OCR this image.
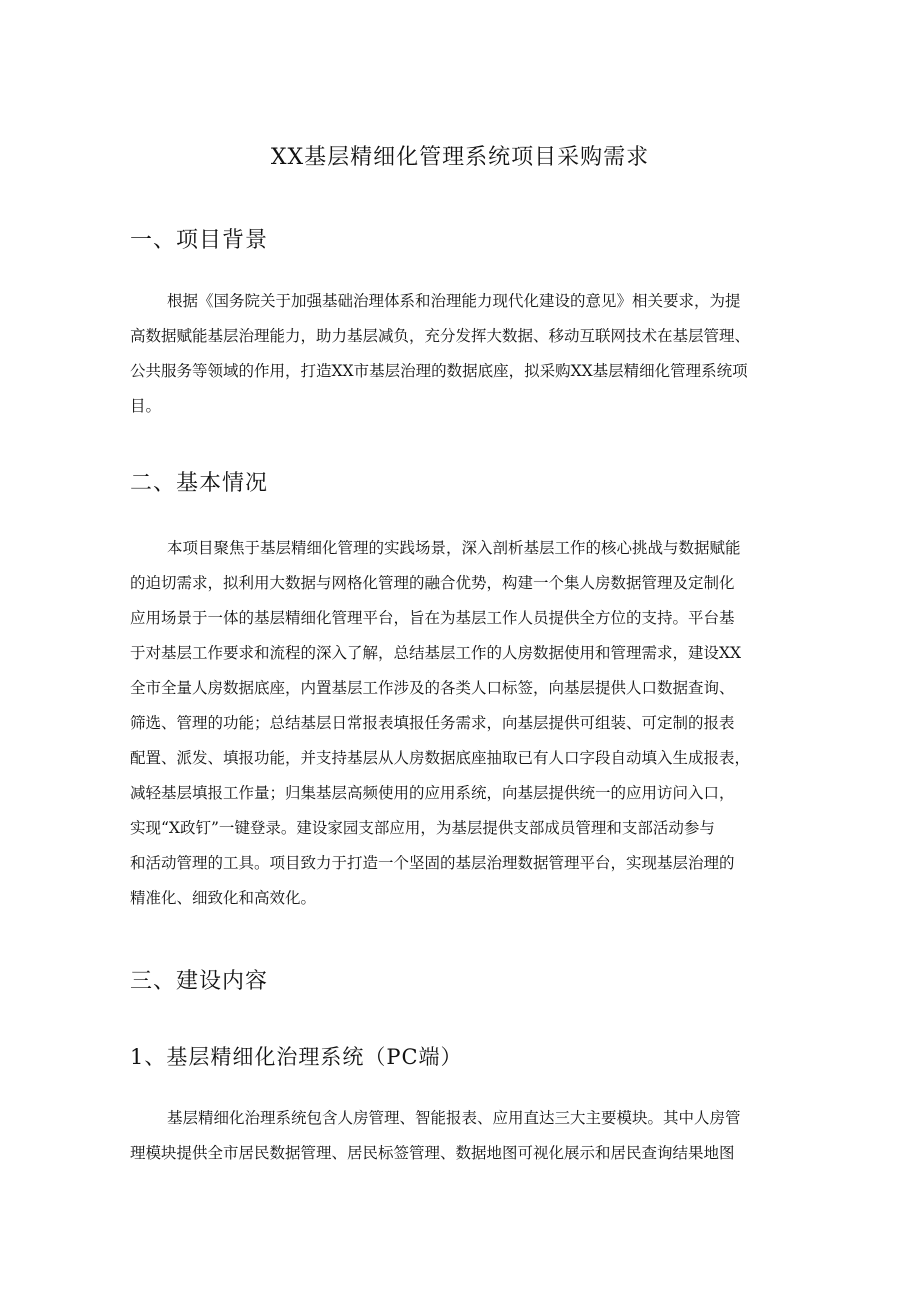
XX基层精细化管理系统项目采购需求
一、项目背景
根据《国务院关于加强基础治理体系和治理能力现代化建设的意见》相关要求，为提
高数据赋能基层治理能力，助力基层减负，充分发挥大数据、移动互联网技术在基层管理、
公共服务等领域的作用，打造XX市基层治理的数据底座，拟采购XX基层精细化管理系统项
目。
二、基本情况
本项目聚焦于基层精细化管理的实践场景，深入剖析基层工作的核心挑战与数据赋能
的迫切需求，拟利用大数据与网格化管理的融合优势，构建一个集人房数据管理及定制化
应用场景于一体的基层精细化管理平台，旨在为基层工作人员提供全方位的支持。平台基
于对基层工作要求和流程的深入了解，总结基层工作的人房数据使用和管理需求，建设XX
全市全量人房数据底座，内置基层工作涉及的各类人口标签，向基层提供人口数据查询、
筛选、管理的功能；总结基层日常报表填报任务需求，向基层提供可组装、可定制的报表
配置、派发、填报功能，并支持基层从人房数据底座抽取已有人口字段自动填入生成报表，
减轻基层填报工作量；归集基层高频使用的应用系统，向基层提供统一的应用访问入口，
实现“X政钉”一键登录。建设家园支部应用，为基层提供支部成员管理和支部活动参与
和活动管理的工具。项目致力于打造一个坚固的基层治理数据管理平台，实现基层治理的
精准化、细致化和高效化。
三、建设内容
1、基层精细化治理系统（PC端）
基层精细化治理系统包含人房管理、智能报表、应用直达三大主要模块。其中人房管
理模块提供全市居民数据管理、居民标签管理、数据地图可视化展示和居民查询结果地图
